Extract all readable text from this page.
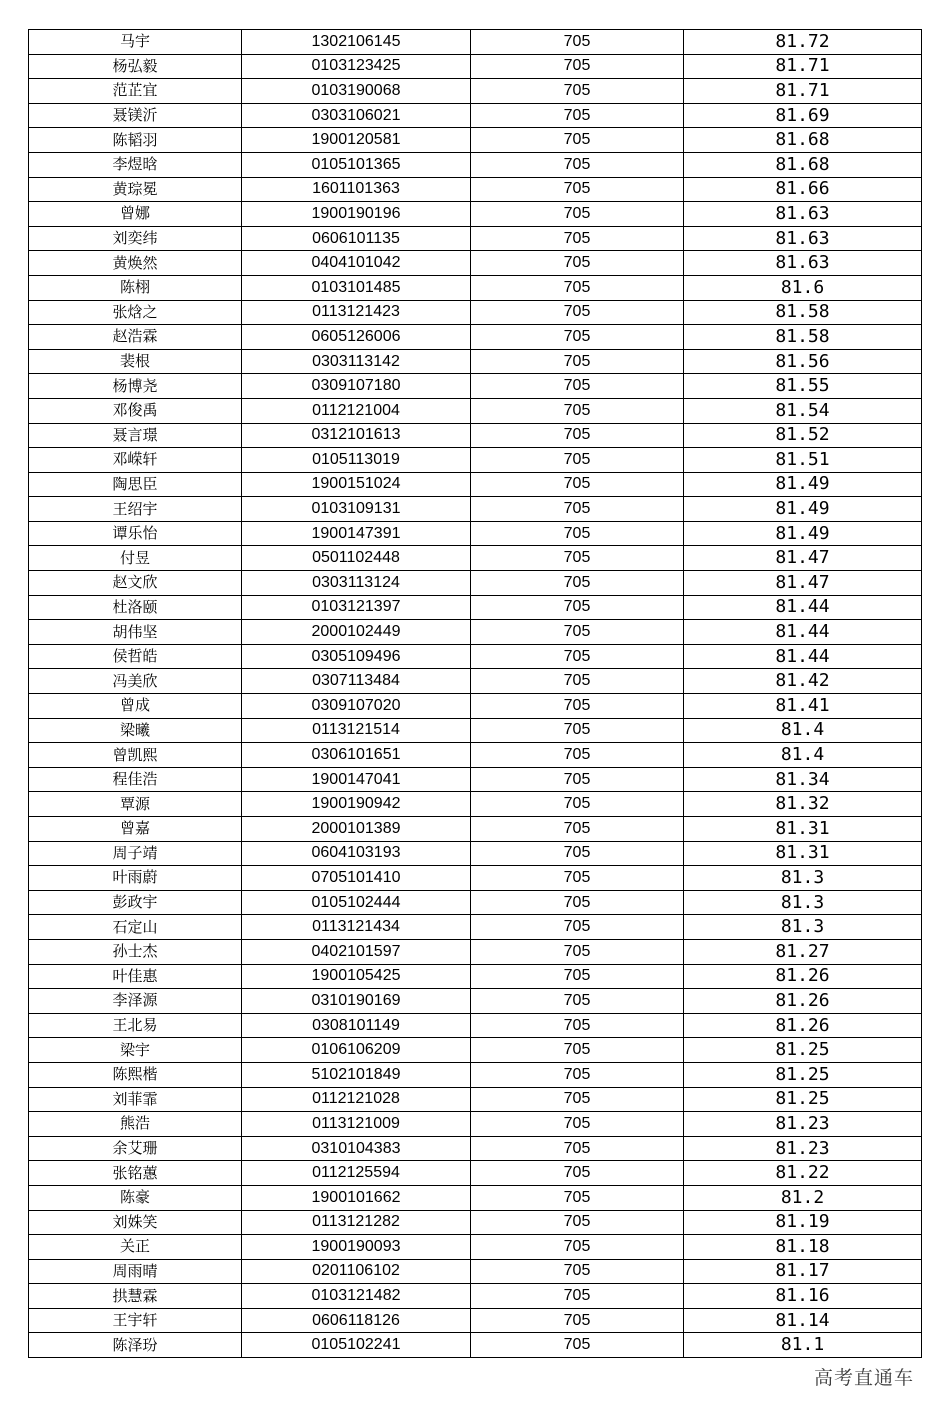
马宇	1302106145	705	81.72
杨弘毅	0103123425	705	81.71
范芷宜	0103190068	705	81.71
聂镁沂	0303106021	705	81.69
陈韬羽	1900120581	705	81.68
李煜晗	0105101365	705	81.68
黄琮冕	1601101363	705	81.66
曾娜	1900190196	705	81.63
刘奕纬	0606101135	705	81.63
黄焕然	0404101042	705	81.63
陈栩	0103101485	705	81.6
张焓之	0113121423	705	81.58
赵浩霖	0605126006	705	81.58
裴根	0303113142	705	81.56
杨博尧	0309107180	705	81.55
邓俊禹	0112121004	705	81.54
聂言璟	0312101613	705	81.52
邓嵘轩	0105113019	705	81.51
陶思臣	1900151024	705	81.49
王绍宇	0103109131	705	81.49
谭乐怡	1900147391	705	81.49
付昱	0501102448	705	81.47
赵文欣	0303113124	705	81.47
杜洛颐	0103121397	705	81.44
胡伟坚	2000102449	705	81.44
侯哲皓	0305109496	705	81.44
冯美欣	0307113484	705	81.42
曾成	0309107020	705	81.41
梁曦	0113121514	705	81.4
曾凯熙	0306101651	705	81.4
程佳浩	1900147041	705	81.34
覃源	1900190942	705	81.32
曾嘉	2000101389	705	81.31
周子靖	0604103193	705	81.31
叶雨蔚	0705101410	705	81.3
彭政宇	0105102444	705	81.3
石定山	0113121434	705	81.3
孙士杰	0402101597	705	81.27
叶佳惠	1900105425	705	81.26
李泽源	0310190169	705	81.26
王北易	0308101149	705	81.26
梁宇	0106106209	705	81.25
陈熙楷	5102101849	705	81.25
刘菲霏	0112121028	705	81.25
熊浩	0113121009	705	81.23
余艾珊	0310104383	705	81.23
张铭蕙	0112125594	705	81.22
陈豪	1900101662	705	81.2
刘姝笑	0113121282	705	81.19
关正	1900190093	705	81.18
周雨晴	0201106102	705	81.17
拱慧霖	0103121482	705	81.16
王宇轩	0606118126	705	81.14
陈泽玢	0105102241	705	81.1
高考直通车
